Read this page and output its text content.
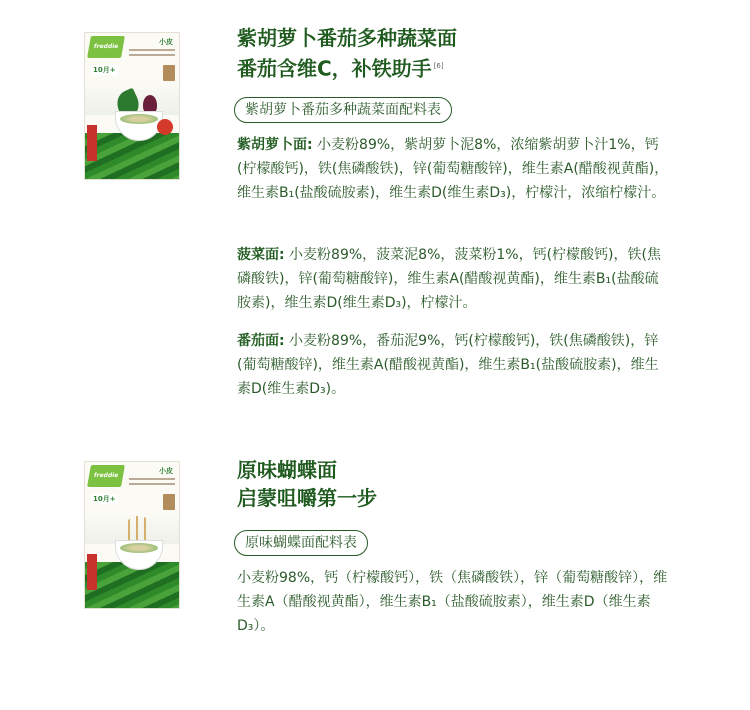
freddie
小皮
10月+
紫胡萝卜番茄多种蔬菜面
番茄含维C，补铁助手 [6]
紫胡萝卜番茄多种蔬菜面配料表

紫胡萝卜面: 小麦粉89%，紫胡萝卜泥8%，浓缩紫胡萝卜汁1%，钙(柠檬酸钙)，铁(焦磷酸铁)，锌(葡萄糖酸锌)，维生素A(醋酸视黄酯)，维生素B₁(盐酸硫胺素)，维生素D(维生素D₃)，柠檬汁，浓缩柠檬汁。

菠菜面: 小麦粉89%，菠菜泥8%，菠菜粉1%，钙(柠檬酸钙)，铁(焦磷酸铁)，锌(葡萄糖酸锌)，维生素A(醋酸视黄酯)，维生素B₁(盐酸硫胺素)，维生素D(维生素D₃)，柠檬汁。

番茄面: 小麦粉89%，番茄泥9%，钙(柠檬酸钙)，铁(焦磷酸铁)，锌(葡萄糖酸锌)，维生素A(醋酸视黄酯)，维生素B₁(盐酸硫胺素)，维生素D(维生素D₃)。

freddie
小皮
10月+
原味蝴蝶面
启蒙咀嚼第一步
原味蝴蝶面配料表

小麦粉98%，钙（柠檬酸钙），铁（焦磷酸铁），锌（葡萄糖酸锌），维生素A（醋酸视黄酯），维生素B₁（盐酸硫胺素），维生素D（维生素D₃）。
